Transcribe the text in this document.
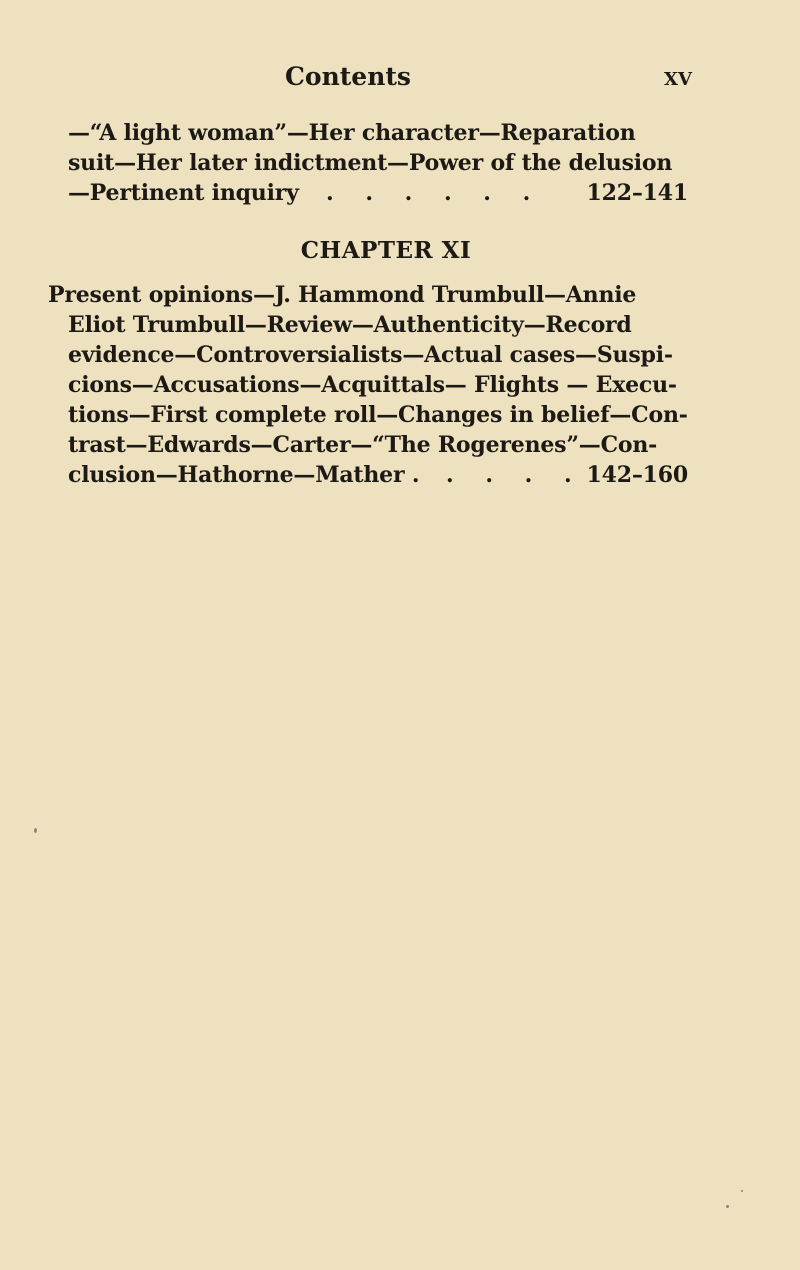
Contents	xv
—“A light woman”—Her character—Reparation
suit—Her later indictment—Power of the delusion
—Pertinent inquiry . . . . . . 122–141
CHAPTER XI
Present opinions—J. Hammond Trumbull—Annie
Eliot Trumbull—Review—Authenticity—Record
evidence—Controversialists—Actual cases—Suspi-
cions—Accusations—Acquittals— Flights — Execu-
tions—First complete roll—Changes in belief—Con-
trast—Edwards—Carter—“The Rogerenes”—Con-
clusion—Hathorne—Mather . . . . . 142–160
